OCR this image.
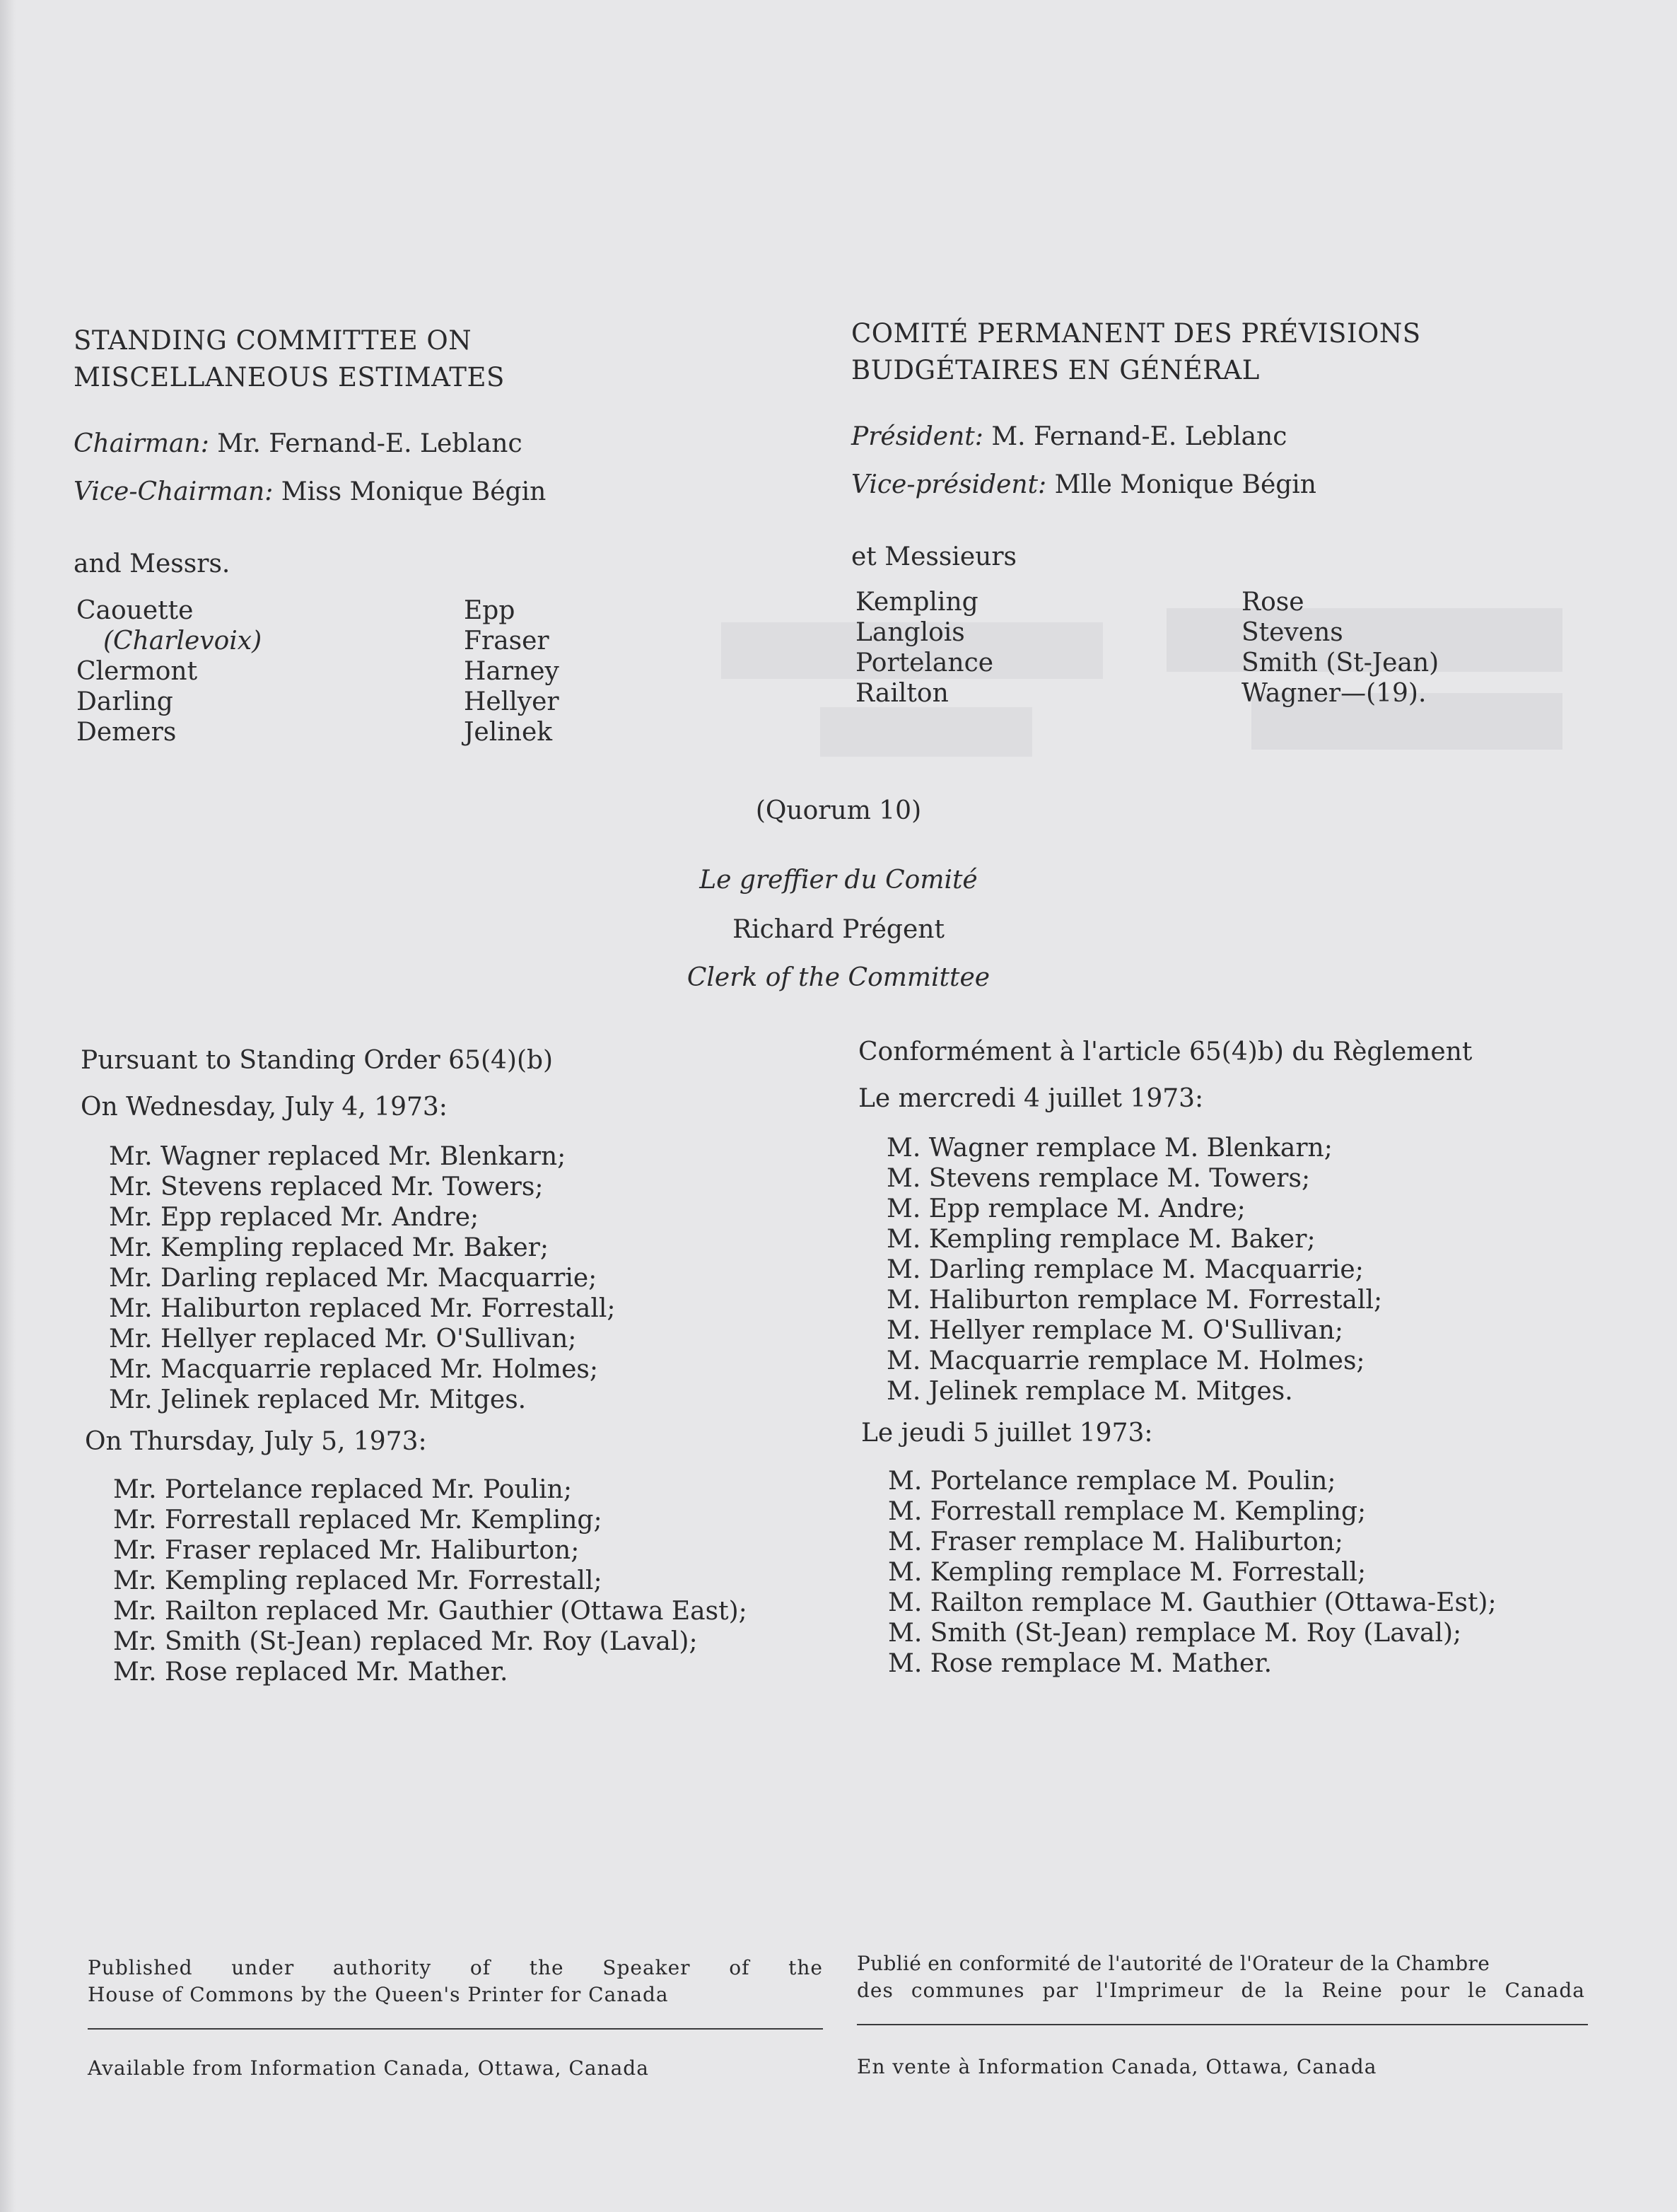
STANDING COMMITTEE ON
MISCELLANEOUS ESTIMATES
Chairman: Mr. Fernand-E. Leblanc
Vice-Chairman: Miss Monique Bégin
and Messrs.
Caouette
(Charlevoix)
Clermont
Darling
Demers
Epp
Fraser
Harney
Hellyer
Jelinek
COMITÉ PERMANENT DES PRÉVISIONS
BUDGÉTAIRES EN GÉNÉRAL
Président: M. Fernand-E. Leblanc
Vice-président: Mlle Monique Bégin
et Messieurs
Kempling
Langlois
Portelance
Railton
Rose
Stevens
Smith (St-Jean)
Wagner—(19).
(Quorum 10)
Le greffier du Comité
Richard Prégent
Clerk of the Committee
Pursuant to Standing Order 65(4)(b)
On Wednesday, July 4, 1973:
Mr. Wagner replaced Mr. Blenkarn;
Mr. Stevens replaced Mr. Towers;
Mr. Epp replaced Mr. Andre;
Mr. Kempling replaced Mr. Baker;
Mr. Darling replaced Mr. Macquarrie;
Mr. Haliburton replaced Mr. Forrestall;
Mr. Hellyer replaced Mr. O'Sullivan;
Mr. Macquarrie replaced Mr. Holmes;
Mr. Jelinek replaced Mr. Mitges.
On Thursday, July 5, 1973:
Mr. Portelance replaced Mr. Poulin;
Mr. Forrestall replaced Mr. Kempling;
Mr. Fraser replaced Mr. Haliburton;
Mr. Kempling replaced Mr. Forrestall;
Mr. Railton replaced Mr. Gauthier (Ottawa East);
Mr. Smith (St-Jean) replaced Mr. Roy (Laval);
Mr. Rose replaced Mr. Mather.
Conformément à l'article 65(4)b) du Règlement
Le mercredi 4 juillet 1973:
M. Wagner remplace M. Blenkarn;
M. Stevens remplace M. Towers;
M. Epp remplace M. Andre;
M. Kempling remplace M. Baker;
M. Darling remplace M. Macquarrie;
M. Haliburton remplace M. Forrestall;
M. Hellyer remplace M. O'Sullivan;
M. Macquarrie remplace M. Holmes;
M. Jelinek remplace M. Mitges.
Le jeudi 5 juillet 1973:
M. Portelance remplace M. Poulin;
M. Forrestall remplace M. Kempling;
M. Fraser remplace M. Haliburton;
M. Kempling remplace M. Forrestall;
M. Railton remplace M. Gauthier (Ottawa-Est);
M. Smith (St-Jean) remplace M. Roy (Laval);
M. Rose remplace M. Mather.
Published under authority of the Speaker of the
House of Commons by the Queen's Printer for Canada
Available from Information Canada, Ottawa, Canada
Publié en conformité de l'autorité de l'Orateur de la Chambre
des communes par l'Imprimeur de la Reine pour le Canada
En vente à Information Canada, Ottawa, Canada
